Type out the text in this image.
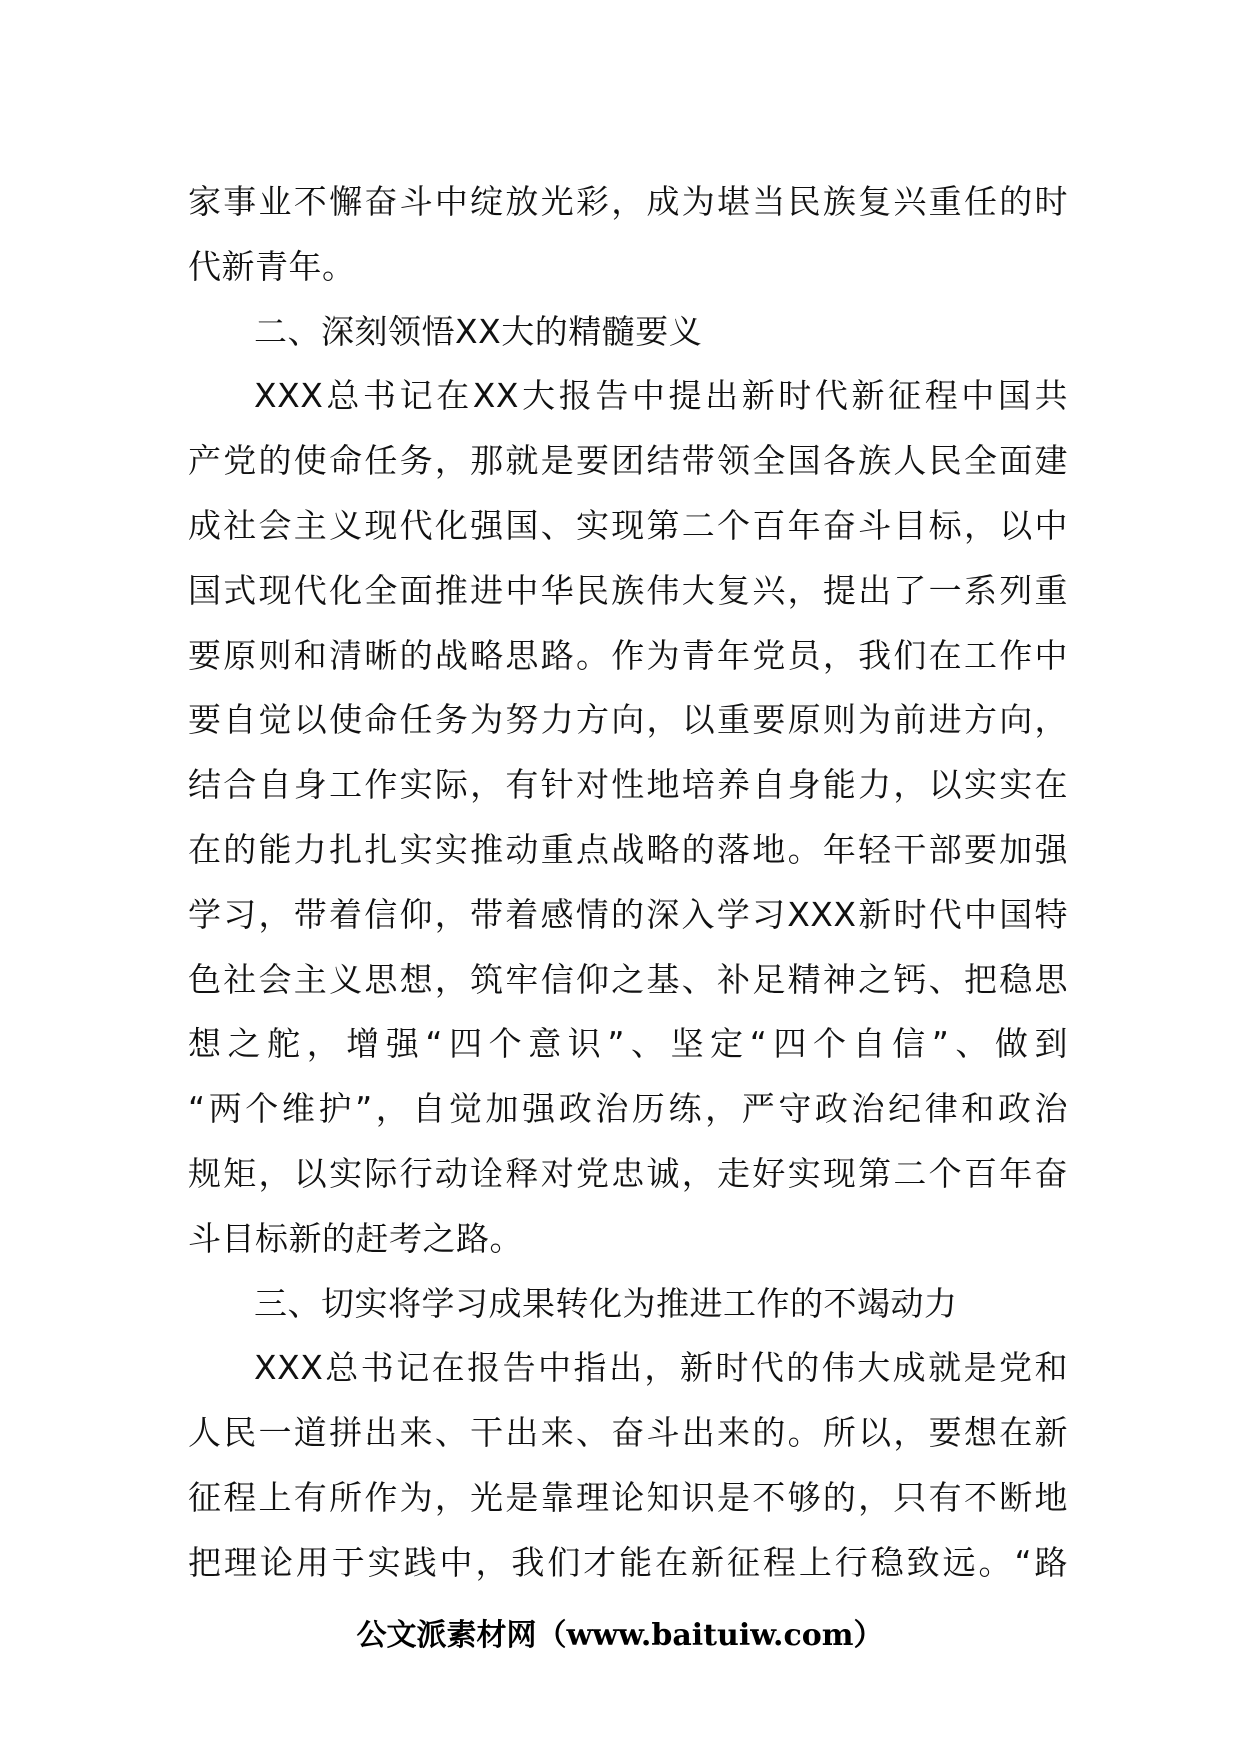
家事业不懈奋斗中绽放光彩，成为堪当民族复兴重任的时
代新青年。
二、深刻领悟XX大的精髓要义
XXX总书记在XX大报告中提出新时代新征程中国共
产党的使命任务，那就是要团结带领全国各族人民全面建
成社会主义现代化强国、实现第二个百年奋斗目标，以中
国式现代化全面推进中华民族伟大复兴，提出了一系列重
要原则和清晰的战略思路。作为青年党员，我们在工作中
要自觉以使命任务为努力方向，以重要原则为前进方向，
结合自身工作实际，有针对性地培养自身能力，以实实在
在的能力扎扎实实推动重点战略的落地。年轻干部要加强
学习，带着信仰，带着感情的深入学习XXX新时代中国特
色社会主义思想，筑牢信仰之基、补足精神之钙、把稳思
想之舵，增强“四个意识”、坚定“四个自信”、做到
“两个维护”，自觉加强政治历练，严守政治纪律和政治
规矩，以实际行动诠释对党忠诚，走好实现第二个百年奋
斗目标新的赶考之路。
三、切实将学习成果转化为推进工作的不竭动力
XXX总书记在报告中指出，新时代的伟大成就是党和
人民一道拼出来、干出来、奋斗出来的。所以，要想在新
征程上有所作为，光是靠理论知识是不够的，只有不断地
把理论用于实践中，我们才能在新征程上行稳致远。“路
公文派素材网（www.baituiw.com）
